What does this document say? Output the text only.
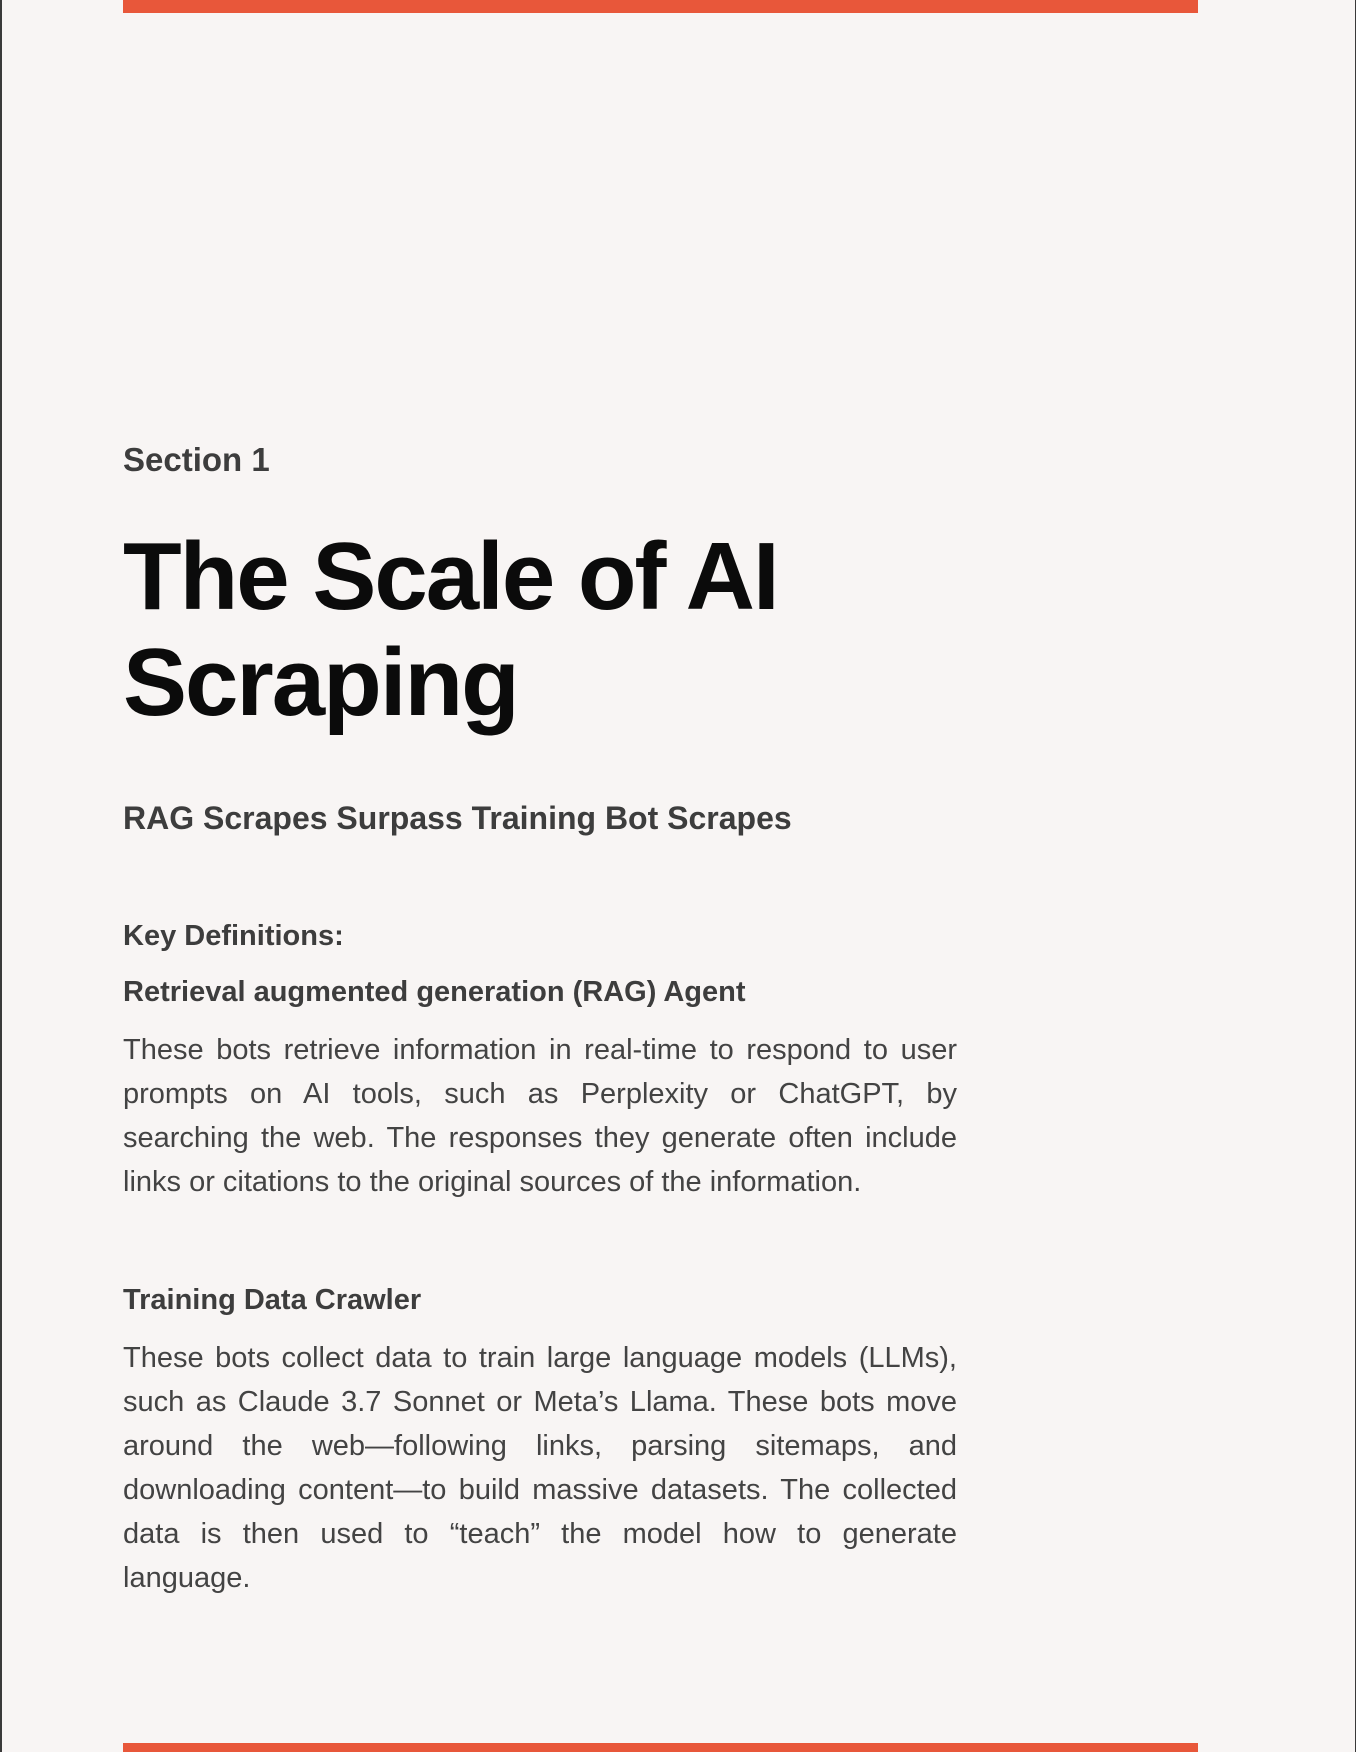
Section 1

The Scale of AI
Scraping
RAG Scrapes Surpass Training Bot Scrapes
Key Definitions:
Retrieval augmented generation (RAG) Agent

These bots retrieve information in real-time to respond to user prompts on AI tools, such as Perplexity or ChatGPT, by searching the web. The responses they generate often include links or citations to the original sources of the information.

Training Data Crawler

These bots collect data to train large language models (LLMs), such as Claude 3.7 Sonnet or Meta’s Llama. These bots move around the web—following links, parsing sitemaps, and downloading content—to build massive datasets. The collected data is then used to “teach” the model how to generate language.
